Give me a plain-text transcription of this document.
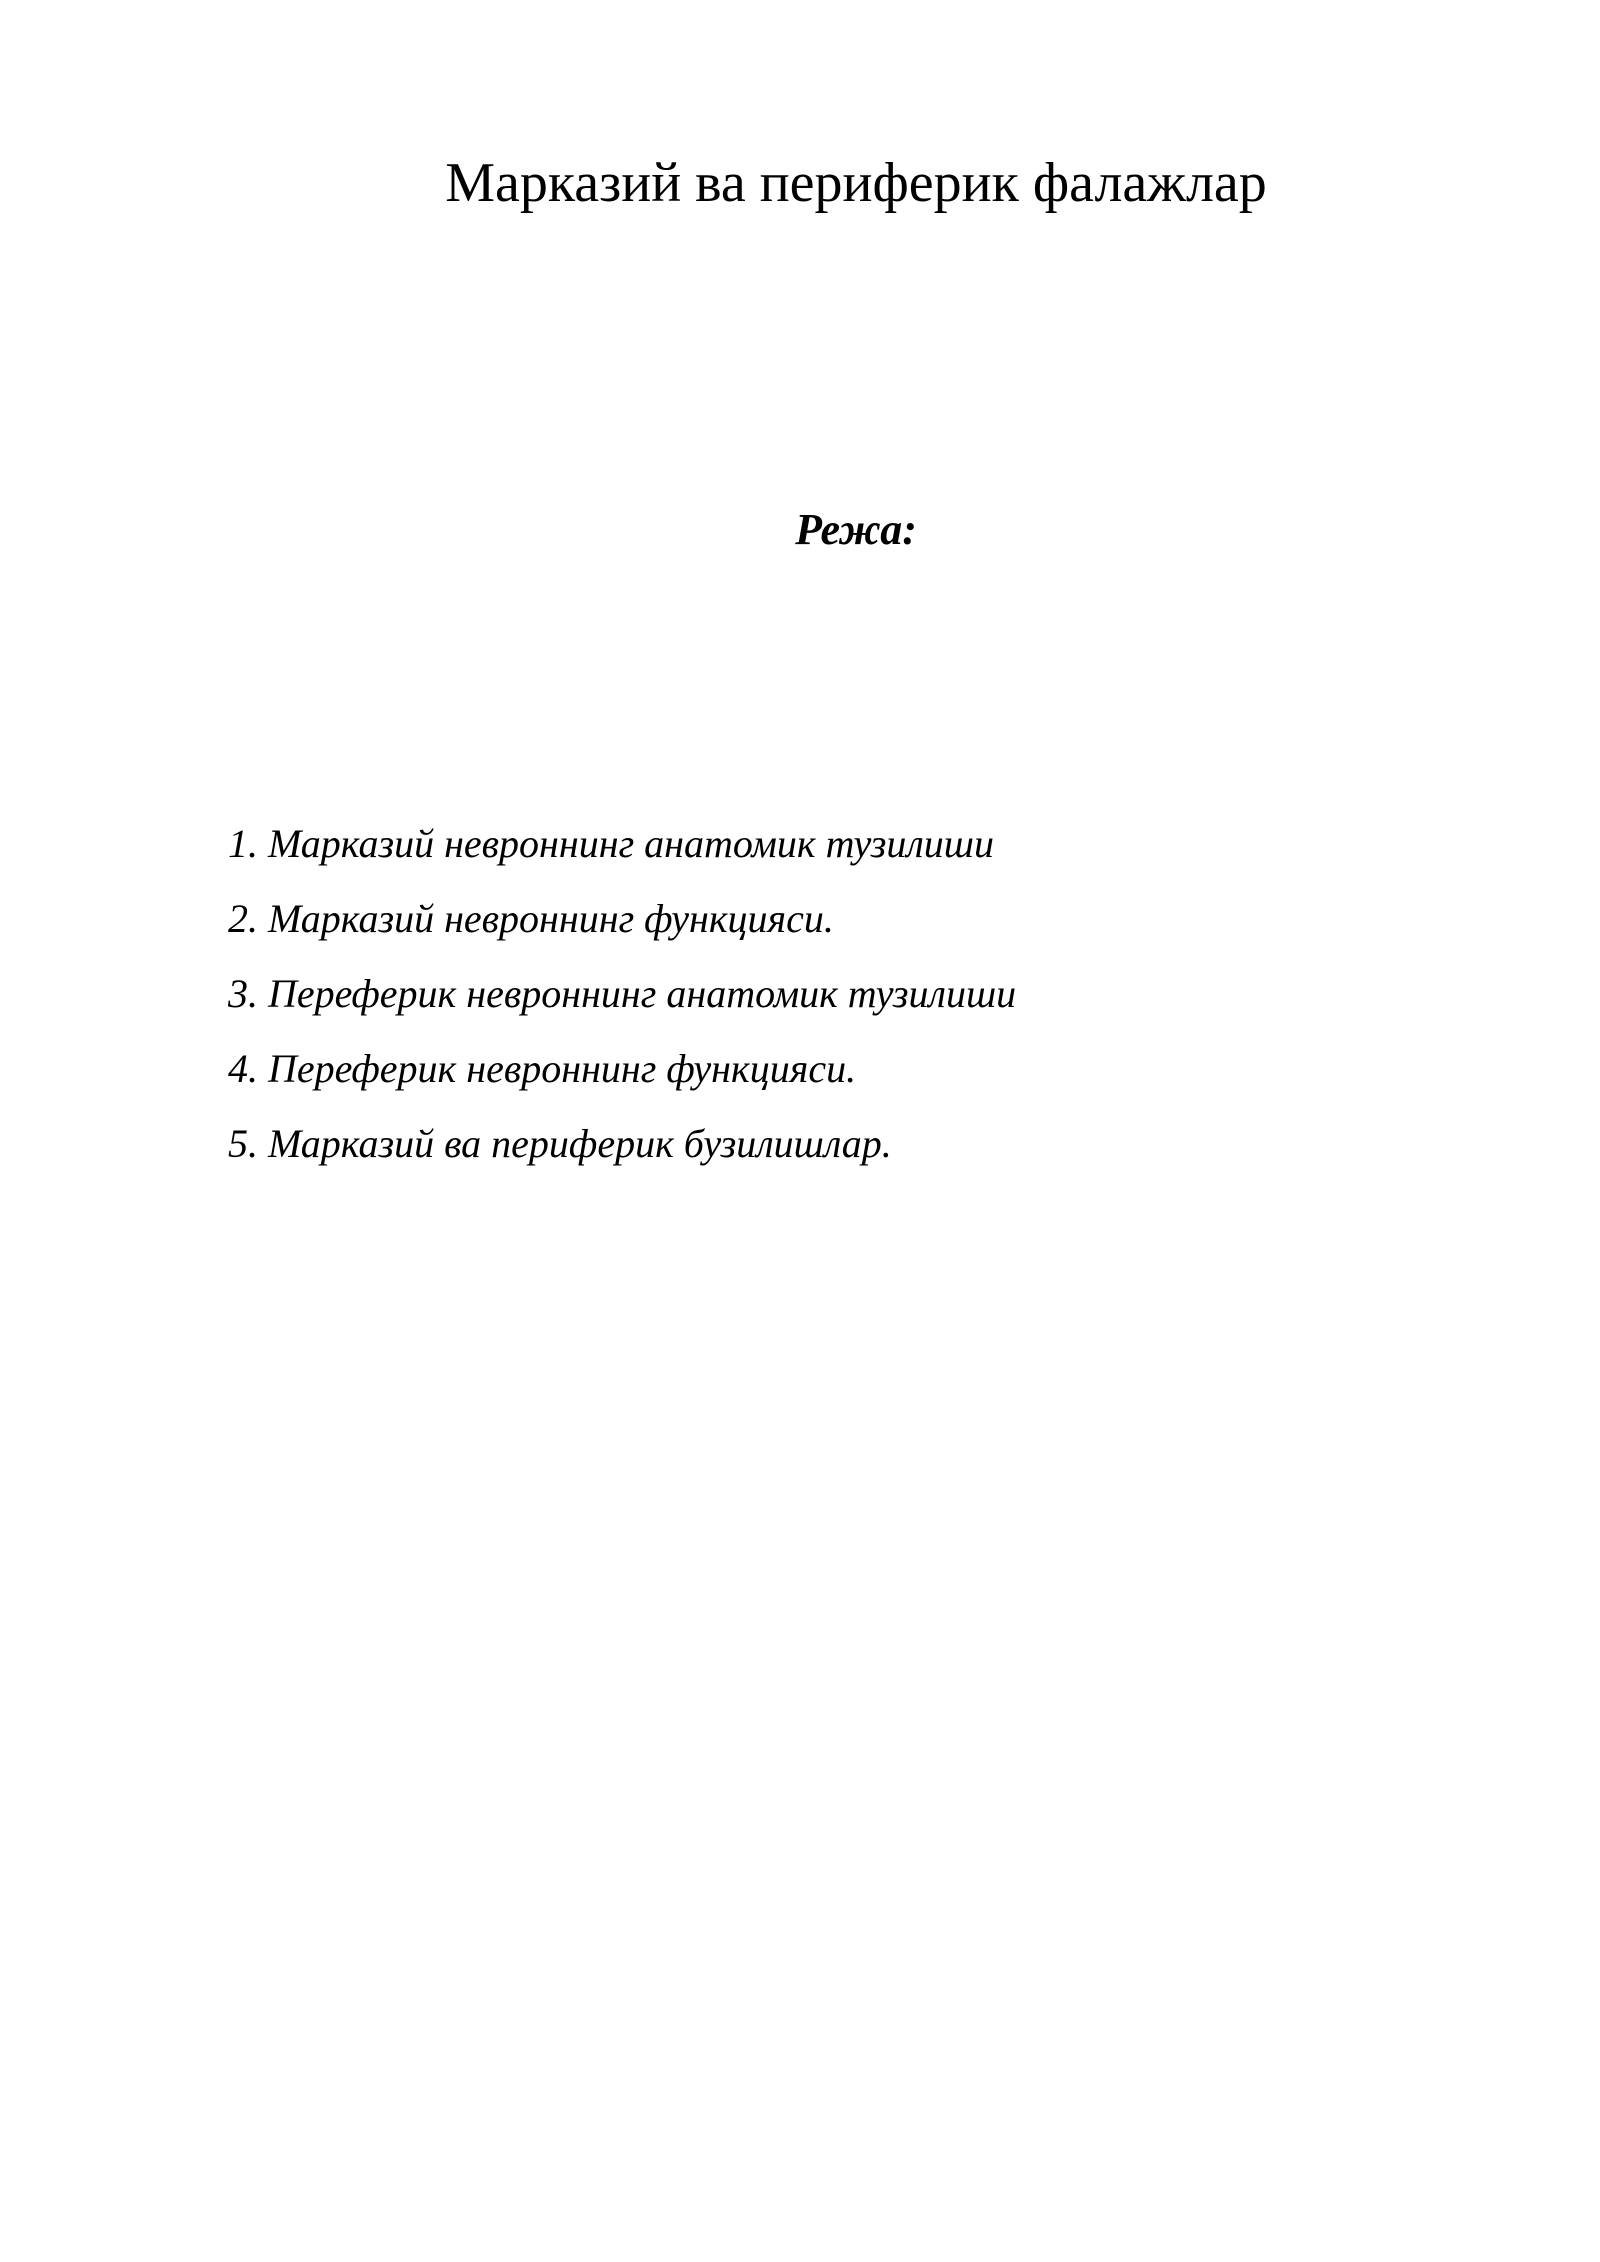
Марказий ва периферик фалажлар
Режа:
1. Марказий невроннинг анатомик тузилиши
2. Марказий невроннинг функцияси.
3. Переферик невроннинг анатомик тузилиши
4. Переферик невроннинг функцияси.
5. Марказий ва периферик бузилишлар.
